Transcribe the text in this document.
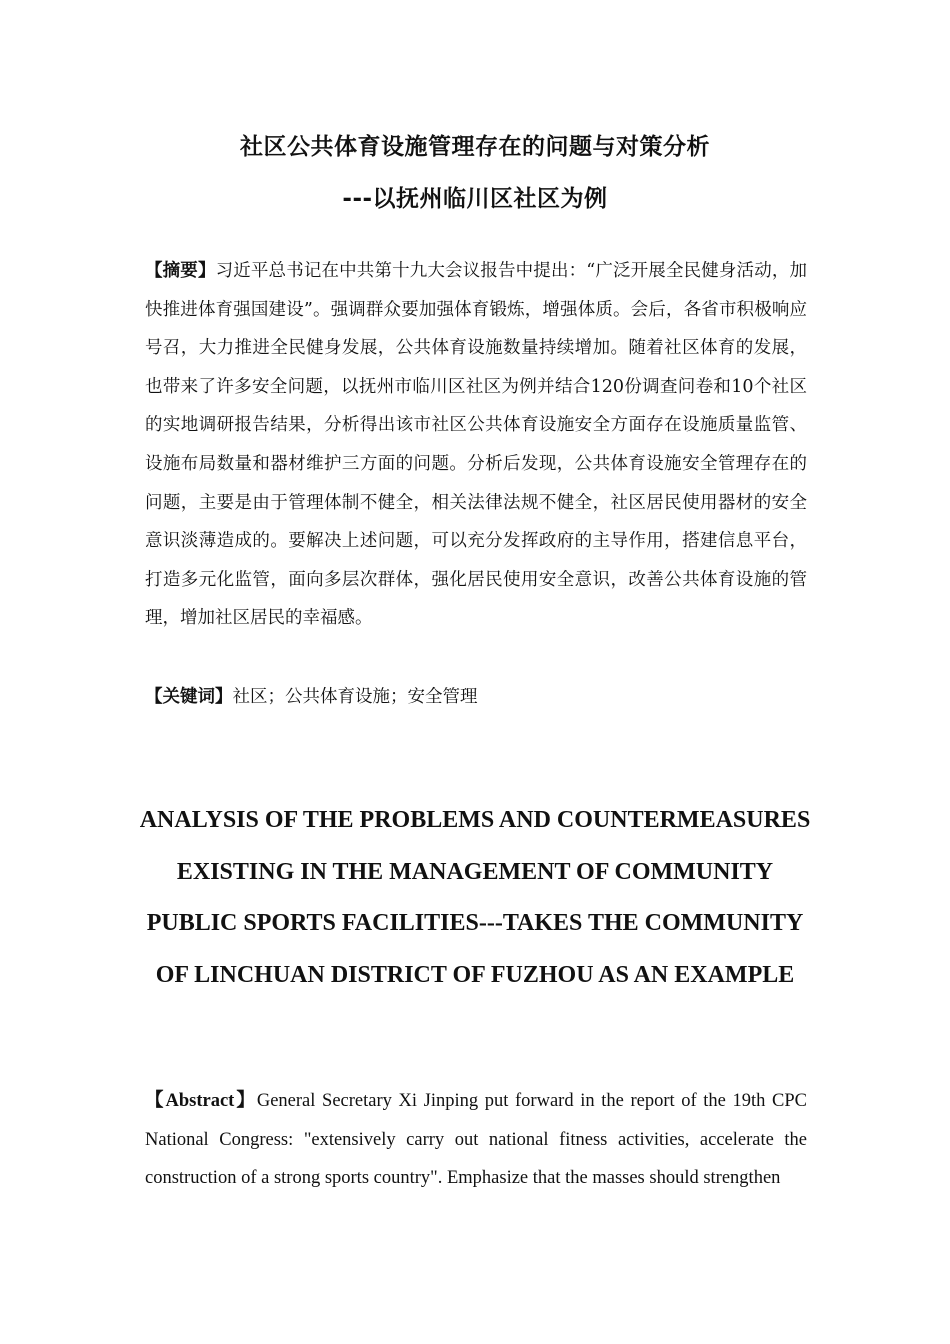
社区公共体育设施管理存在的问题与对策分析
---以抚州临川区社区为例
【摘要】习近平总书记在中共第十九大会议报告中提出：“广泛开展全民健身活动，加快推进体育强国建设”。强调群众要加强体育锻炼，增强体质。会后，各省市积极响应号召，大力推进全民健身发展，公共体育设施数量持续增加。随着社区体育的发展，也带来了许多安全问题，以抚州市临川区社区为例并结合120份调查问卷和10个社区的实地调研报告结果，分析得出该市社区公共体育设施安全方面存在设施质量监管、设施布局数量和器材维护三方面的问题。分析后发现，公共体育设施安全管理存在的问题，主要是由于管理体制不健全，相关法律法规不健全，社区居民使用器材的安全意识淡薄造成的。要解决上述问题，可以充分发挥政府的主导作用，搭建信息平台，打造多元化监管，面向多层次群体，强化居民使用安全意识，改善公共体育设施的管理，增加社区居民的幸福感。
【关键词】社区；公共体育设施；安全管理
ANALYSIS OF THE PROBLEMS AND COUNTERMEASURES EXISTING IN THE MANAGEMENT OF COMMUNITY PUBLIC SPORTS FACILITIES---TAKES THE COMMUNITY OF LINCHUAN DISTRICT OF FUZHOU AS AN EXAMPLE
【Abstract】General Secretary Xi Jinping put forward in the report of the 19th CPC National Congress: "extensively carry out national fitness activities, accelerate the construction of a strong sports country". Emphasize that the masses should strengthen
